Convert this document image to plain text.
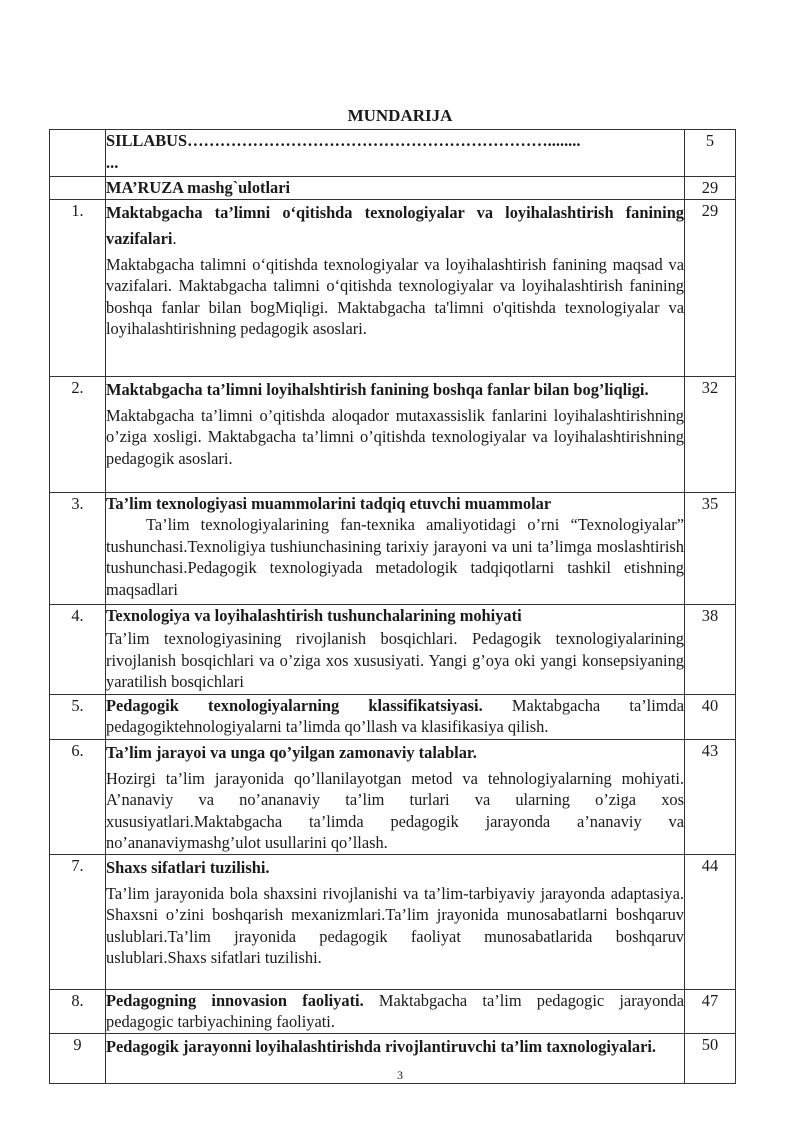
MUNDARIJA

	SILLABUS…………………………………………………………........
...	5

	MA’RUZA mashg`ulotlari	29
1.	Maktabgacha ta’limni o‘qitishda texnologiyalar va loyihalashtirish fanining vazifalari.
Maktabgacha talimni o‘qitishda texnologiyalar va loyihalashtirish fanining maqsad va vazifalari. Maktabgacha talimni o‘qitishda texnologiyalar va loyihalashtirish fanining boshqa fanlar bilan bogMiqligi. Maktabgacha ta'limni o'qitishda texnologiyalar va loyihalashtirishning pedagogik asoslari.	29
2.	Maktabgacha ta’limni loyihalshtirish fanining boshqa fanlar bilan bog’liqligi.
Maktabgacha ta’limni o’qitishda aloqador mutaxassislik fanlarini loyihalashtirishning o’ziga xosligi. Maktabgacha ta’limni o’qitishda texnologiyalar va loyihalashtirishning pedagogik asoslari.	32
3.	Ta’lim texnologiyasi muammolarini tadqiq etuvchi muammolar
Ta’lim texnologiyalarining fan-texnika amaliyotidagi o’rni “Texnologiyalar” tushunchasi.Texnoligiya tushiunchasining tarixiy jarayoni va uni ta’limga moslashtirish tushunchasi.Pedagogik texnologiyada metadologik tadqiqotlarni tashkil etishning maqsadlari	35
4.	Texnologiya va loyihalashtirish tushunchalarining mohiyati
Ta’lim texnologiyasining rivojlanish bosqichlari. Pedagogik texnologiyalarining rivojlanish bosqichlari va o’ziga xos xususiyati. Yangi g’oya oki yangi konsepsiyaning yaratilish bosqichlari	38
5.	Pedagogik texnologiyalarning klassifikatsiyasi. Maktabgacha ta’limda pedagogiktehnologiyalarni ta’limda qo’llash va klasifikasiya qilish.	40
6.	Ta’lim jarayoi va unga qo’yilgan zamonaviy talablar.
Hozirgi ta’lim jarayonida qo’llanilayotgan metod va tehnologiyalarning mohiyati. A’nanaviy va no’ananaviy ta’lim turlari va ularning o’ziga xos xususiyatlari.Maktabgacha ta’limda pedagogik jarayonda a’nanaviy va no’ananaviymashg’ulot usullarini qo’llash.	43
7.	Shaxs sifatlari tuzilishi.
Ta’lim jarayonida bola shaxsini rivojlanishi va ta’lim-tarbiyaviy jarayonda adaptasiya. Shaxsni o’zini boshqarish mexanizmlari.Ta’lim jrayonida munosabatlarni boshqaruv uslublari.Ta’lim jrayonida pedagogik faoliyat munosabatlarida boshqaruv uslublari.Shaxs sifatlari tuzilishi.	44
8.	Pedagogning innovasion faoliyati. Maktabgacha ta’lim pedagogic jarayonda pedagogic tarbiyachining faoliyati.	47
9	Pedagogik jarayonni loyihalashtirishda rivojlantiruvchi ta’lim taxnologiyalari.	50
3
